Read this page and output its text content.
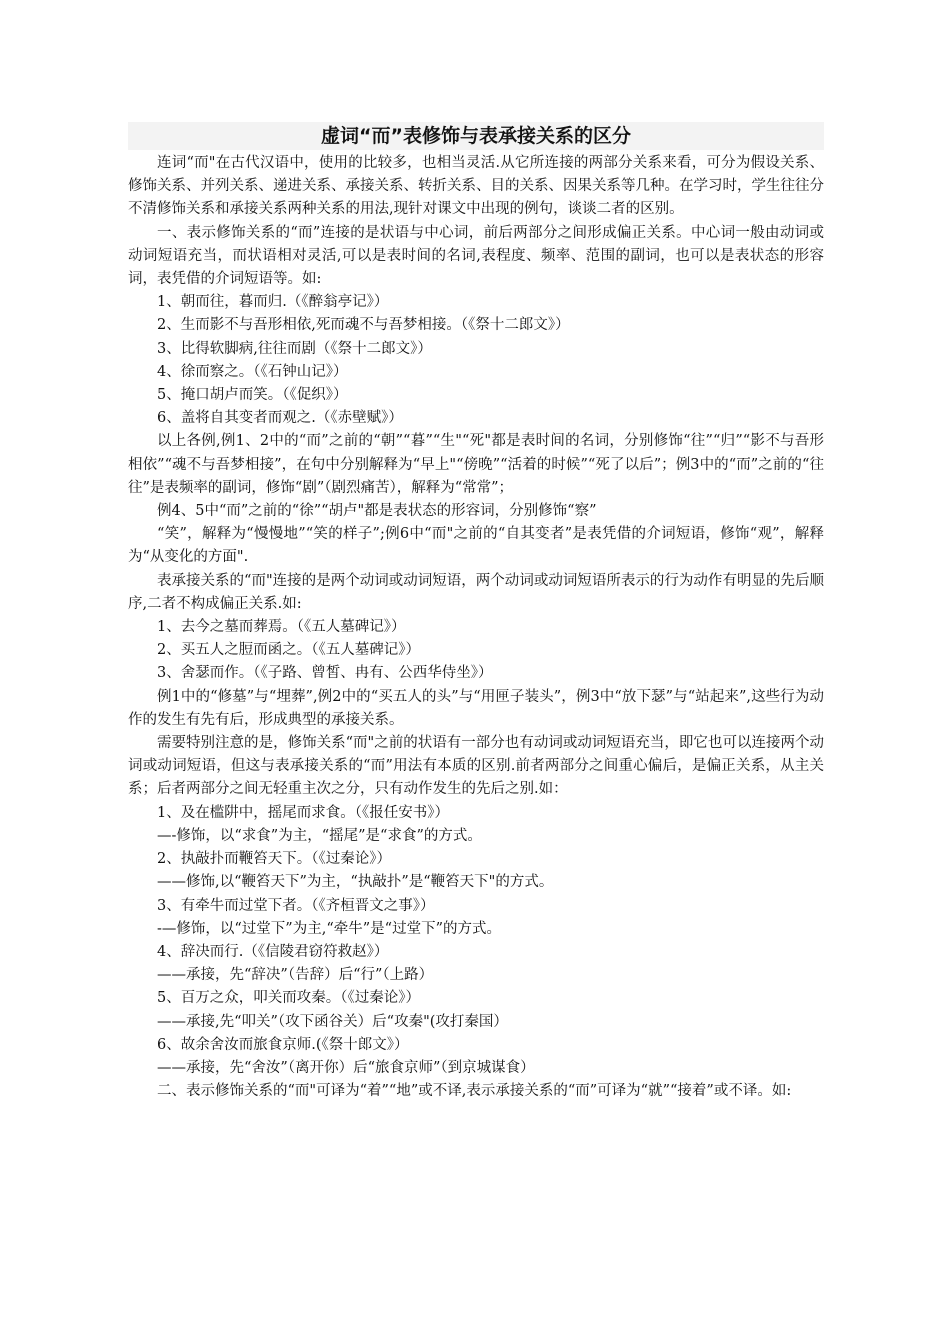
虚词“而”表修饰与表承接关系的区分

连词“而"在古代汉语中，使用的比较多，也相当灵活.从它所连接的两部分关系来看，可分为假设关系、修饰关系、并列关系、递进关系、承接关系、转折关系、目的关系、因果关系等几种。在学习时，学生往往分不清修饰关系和承接关系两种关系的用法,现针对课文中出现的例句，谈谈二者的区别。

一、表示修饰关系的“而”连接的是状语与中心词，前后两部分之间形成偏正关系。中心词一般由动词或动词短语充当，而状语相对灵活,可以是表时间的名词,表程度、频率、范围的副词，也可以是表状态的形容词，表凭借的介词短语等。如:

1、朝而往，暮而归.（《醉翁亭记》）

2、生而影不与吾形相依,死而魂不与吾梦相接。（《祭十二郎文》）

3、比得软脚病,往往而剧（《祭十二郎文》）

4、徐而察之。（《石钟山记》）

5、掩口胡卢而笑。（《促织》）

6、盖将自其变者而观之.（《赤壁赋》）

以上各例,例1、2中的“而”之前的“朝”“暮”“生"“死"都是表时间的名词，分别修饰“往”“归”“影不与吾形相依”“魂不与吾梦相接”，在句中分别解释为“早上"“傍晚”“活着的时候”“死了以后”；例3中的“而”之前的“往往”是表频率的副词，修饰“剧”（剧烈痛苦），解释为“常常”；

例4、5中“而”之前的“徐”“胡卢"都是表状态的形容词，分别修饰“察”

“笑”，解释为“慢慢地”“笑的样子”;例6中“而"之前的“自其变者”是表凭借的介词短语，修饰“观”，解释为“从变化的方面".

表承接关系的“而"连接的是两个动词或动词短语，两个动词或动词短语所表示的行为动作有明显的先后顺序,二者不构成偏正关系.如:

1、去今之墓而葬焉。（《五人墓碑记》）

2、买五人之脰而函之。（《五人墓碑记》）

3、舍瑟而作。（《子路、曾皙、冉有、公西华侍坐》）

例1中的“修墓”与“埋葬”,例2中的“买五人的头”与“用匣子装头”，例3中“放下瑟”与“站起来”,这些行为动作的发生有先有后，形成典型的承接关系。

需要特别注意的是，修饰关系“而"之前的状语有一部分也有动词或动词短语充当，即它也可以连接两个动词或动词短语，但这与表承接关系的“而”用法有本质的区别.前者两部分之间重心偏后，是偏正关系，从主关系；后者两部分之间无轻重主次之分，只有动作发生的先后之别.如：

1、及在槛阱中，摇尾而求食。（《报任安书》）

—-修饰，以“求食”为主，“摇尾”是“求食”的方式。

2、执敲扑而鞭笞天下。（《过秦论》）

——修饰,以“鞭笞天下”为主，“执敲扑”是“鞭笞天下"的方式。

3、有牵牛而过堂下者。（《齐桓晋文之事》）

-—修饰，以“过堂下”为主,“牵牛”是“过堂下”的方式。

4、辞决而行.（《信陵君窃符救赵》）

——承接，先“辞决”（告辞）后“行”（上路）

5、百万之众，叩关而攻秦。（《过秦论》）

——承接,先“叩关”（攻下函谷关）后“攻秦"(攻打秦国）

6、故余舍汝而旅食京师.(《祭十郎文》）

——承接，先“舍汝”（离开你）后“旅食京师”（到京城谋食）

二、表示修饰关系的“而"可译为“着”“地”或不译,表示承接关系的“而”可译为“就”“接着”或不译。如:
